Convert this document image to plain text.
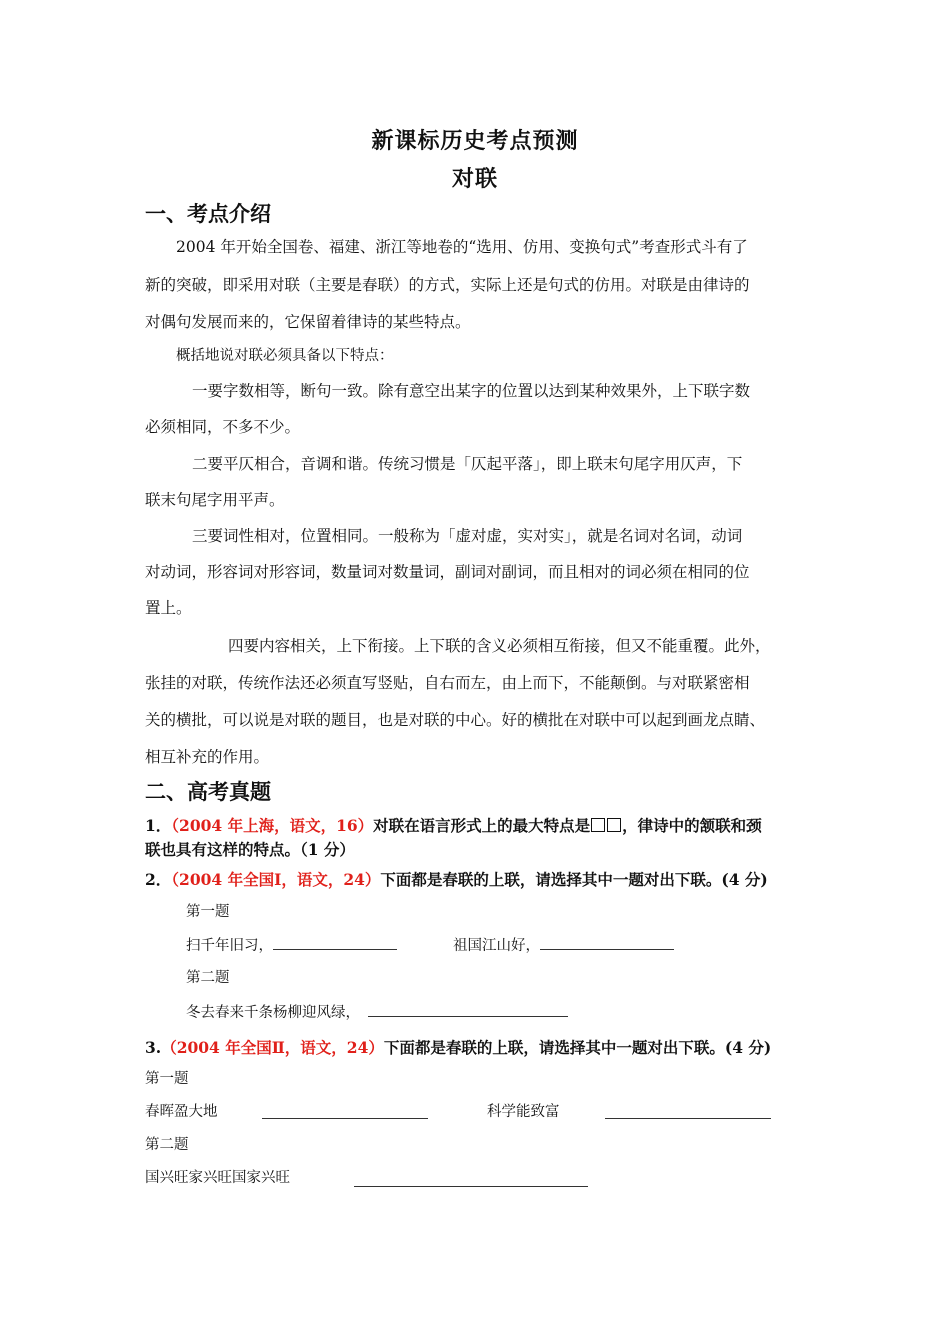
新课标历史考点预测
对联
一、考点介绍
2004 年开始全国卷、福建、浙江等地卷的“选用、仿用、变换句式”考查形式斗有了
新的突破，即采用对联（主要是春联）的方式，实际上还是句式的仿用。对联是由律诗的
对偶句发展而来的，它保留着律诗的某些特点。
概括地说对联必须具备以下特点：
一要字数相等，断句一致。除有意空出某字的位置以达到某种效果外，上下联字数
必须相同，不多不少。
二要平仄相合，音调和谐。传统习惯是「仄起平落」，即上联末句尾字用仄声，下
联末句尾字用平声。
三要词性相对，位置相同。一般称为「虚对虚，实对实」，就是名词对名词，动词
对动词，形容词对形容词，数量词对数量词，副词对副词，而且相对的词必须在相同的位
置上。
四要内容相关，上下衔接。上下联的含义必须相互衔接，但又不能重覆。此外，
张挂的对联，传统作法还必须直写竖贴，自右而左，由上而下，不能颠倒。与对联紧密相
关的横批，可以说是对联的题目，也是对联的中心。好的横批在对联中可以起到画龙点睛、
相互补充的作用。
二、高考真题
1．（2004 年上海，语文，16）对联在语言形式上的最大特点是 ，律诗中的颔联和颈
联也具有这样的特点。（1 分）
2．（2004 年全国Ⅰ，语文，24）下面都是春联的上联，请选择其中一题对出下联。(4 分)
第一题
扫千年旧习，	祖国江山好，
第二题
冬去春来千条杨柳迎风绿，
3.（2004 年全国Ⅱ，语文，24）下面都是春联的上联，请选择其中一题对出下联。(4 分)
第一题
春晖盈大地	科学能致富
第二题
国兴旺家兴旺国家兴旺
